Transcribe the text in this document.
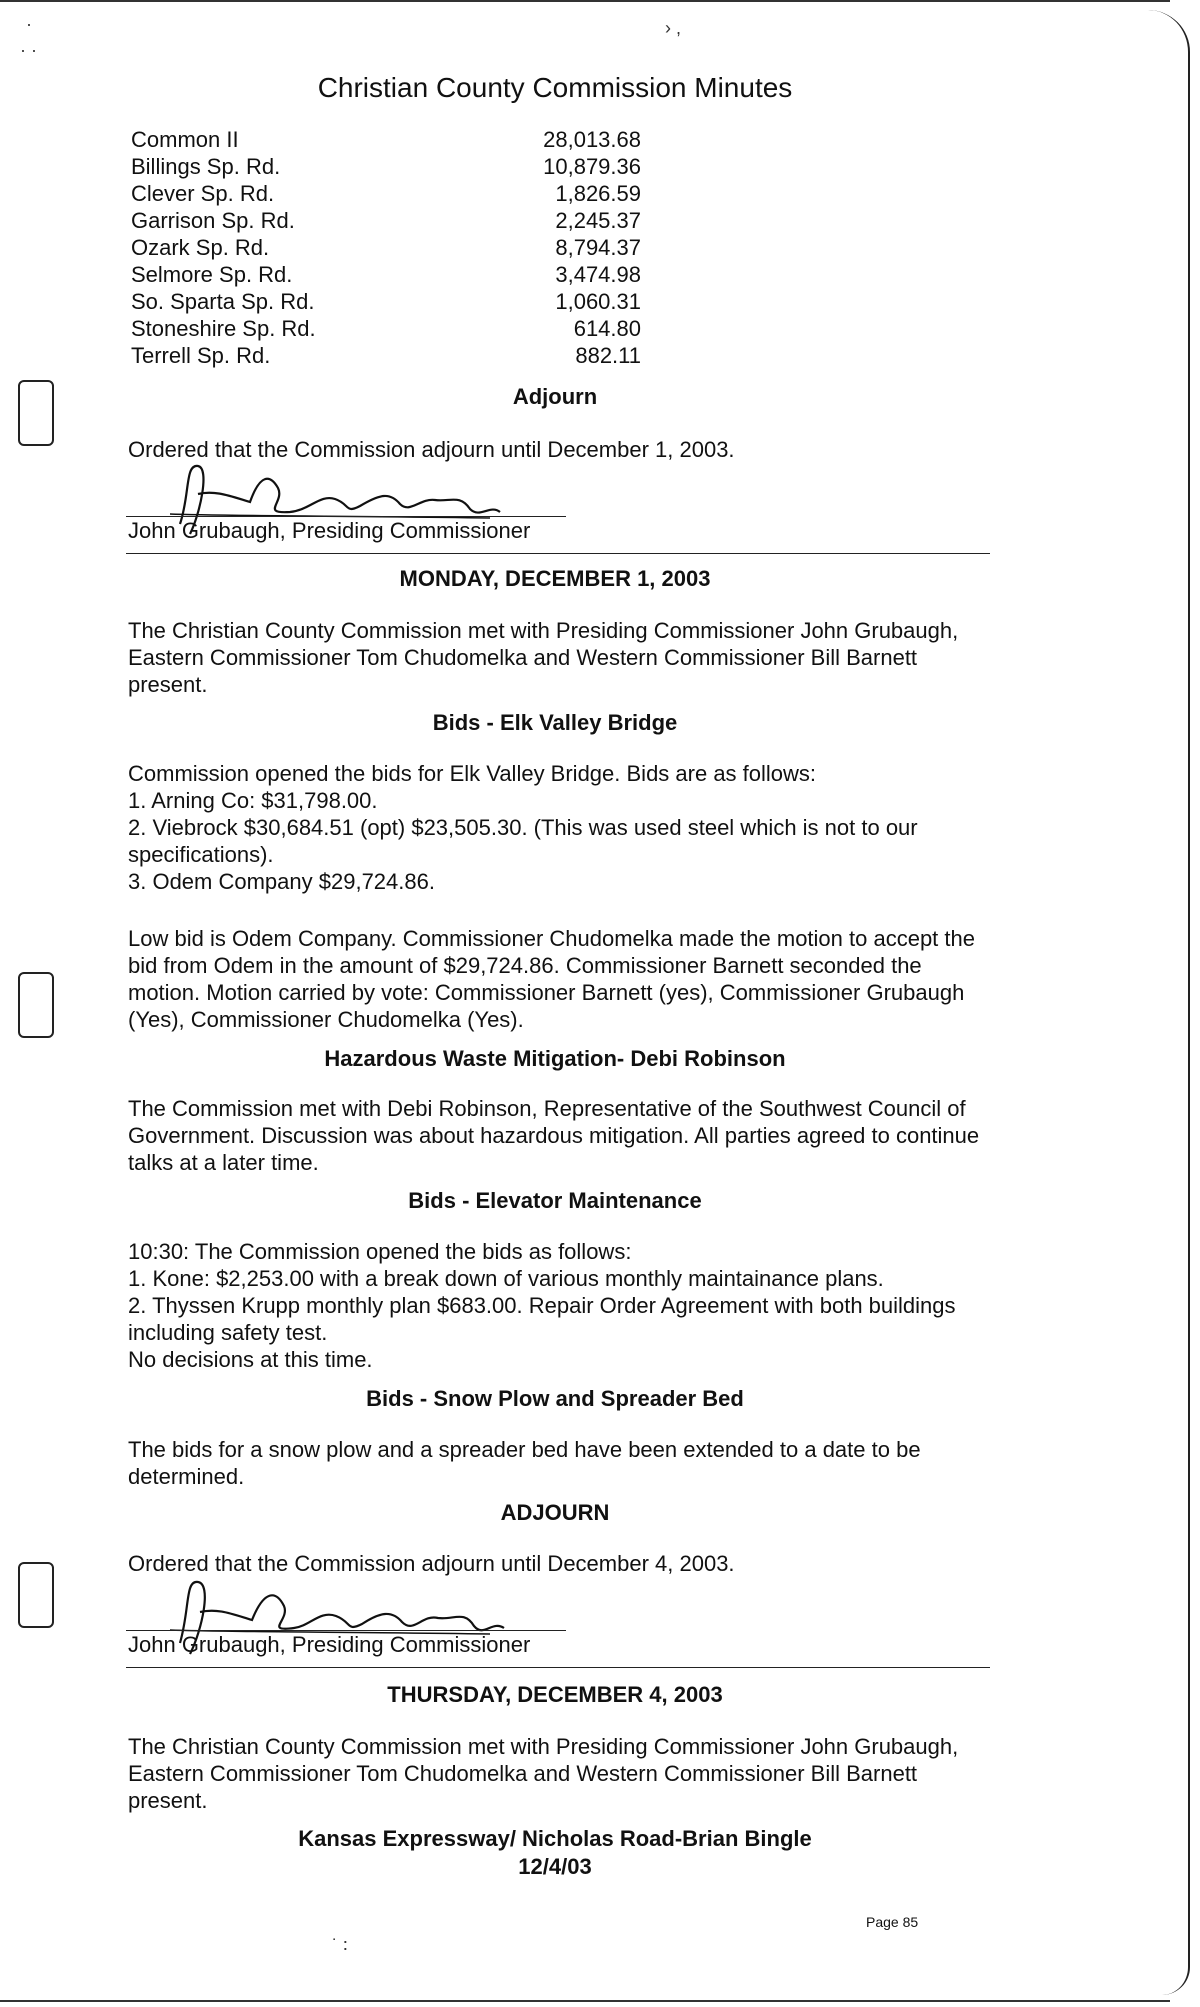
·
· ·
› ,
˙ ∶
Christian County Commission Minutes
Common II	28,013.68
Billings Sp. Rd.	10,879.36
Clever Sp. Rd.	1,826.59
Garrison Sp. Rd.	2,245.37
Ozark Sp. Rd.	8,794.37
Selmore Sp. Rd.	3,474.98
So. Sparta Sp. Rd.	1,060.31
Stoneshire Sp. Rd.	614.80
Terrell Sp. Rd.	882.11
Adjourn
Ordered that the Commission adjourn until December 1, 2003.
John Grubaugh, Presiding Commissioner
MONDAY, DECEMBER 1, 2003
The Christian County Commission met with Presiding Commissioner John Grubaugh, Eastern Commissioner Tom Chudomelka and Western Commissioner Bill Barnett present.
Bids - Elk Valley Bridge
Commission opened the bids for Elk Valley Bridge. Bids are as follows:
1. Arning Co: $31,798.00.
2. Viebrock $30,684.51 (opt) $23,505.30. (This was used steel which is not to our specifications).
3. Odem Company $29,724.86.
Low bid is Odem Company. Commissioner Chudomelka made the motion to accept the bid from Odem in the amount of $29,724.86. Commissioner Barnett seconded the motion. Motion carried by vote: Commissioner Barnett (yes), Commissioner Grubaugh (Yes), Commissioner Chudomelka (Yes).
Hazardous Waste Mitigation- Debi Robinson
The Commission met with Debi Robinson, Representative of the Southwest Council of Government. Discussion was about hazardous mitigation. All parties agreed to continue talks at a later time.
Bids - Elevator Maintenance
10:30: The Commission opened the bids as follows:
1. Kone: $2,253.00 with a break down of various monthly maintainance plans.
2. Thyssen Krupp monthly plan $683.00. Repair Order Agreement with both buildings including safety test.
No decisions at this time.
Bids - Snow Plow and Spreader Bed
The bids for a snow plow and a spreader bed have been extended to a date to be determined.
ADJOURN
Ordered that the Commission adjourn until December 4, 2003.
John Grubaugh, Presiding Commissioner
THURSDAY, DECEMBER 4, 2003
The Christian County Commission met with Presiding Commissioner John Grubaugh, Eastern Commissioner Tom Chudomelka and Western Commissioner Bill Barnett present.
Kansas Expressway/ Nicholas Road-Brian Bingle
12/4/03
Page 85
